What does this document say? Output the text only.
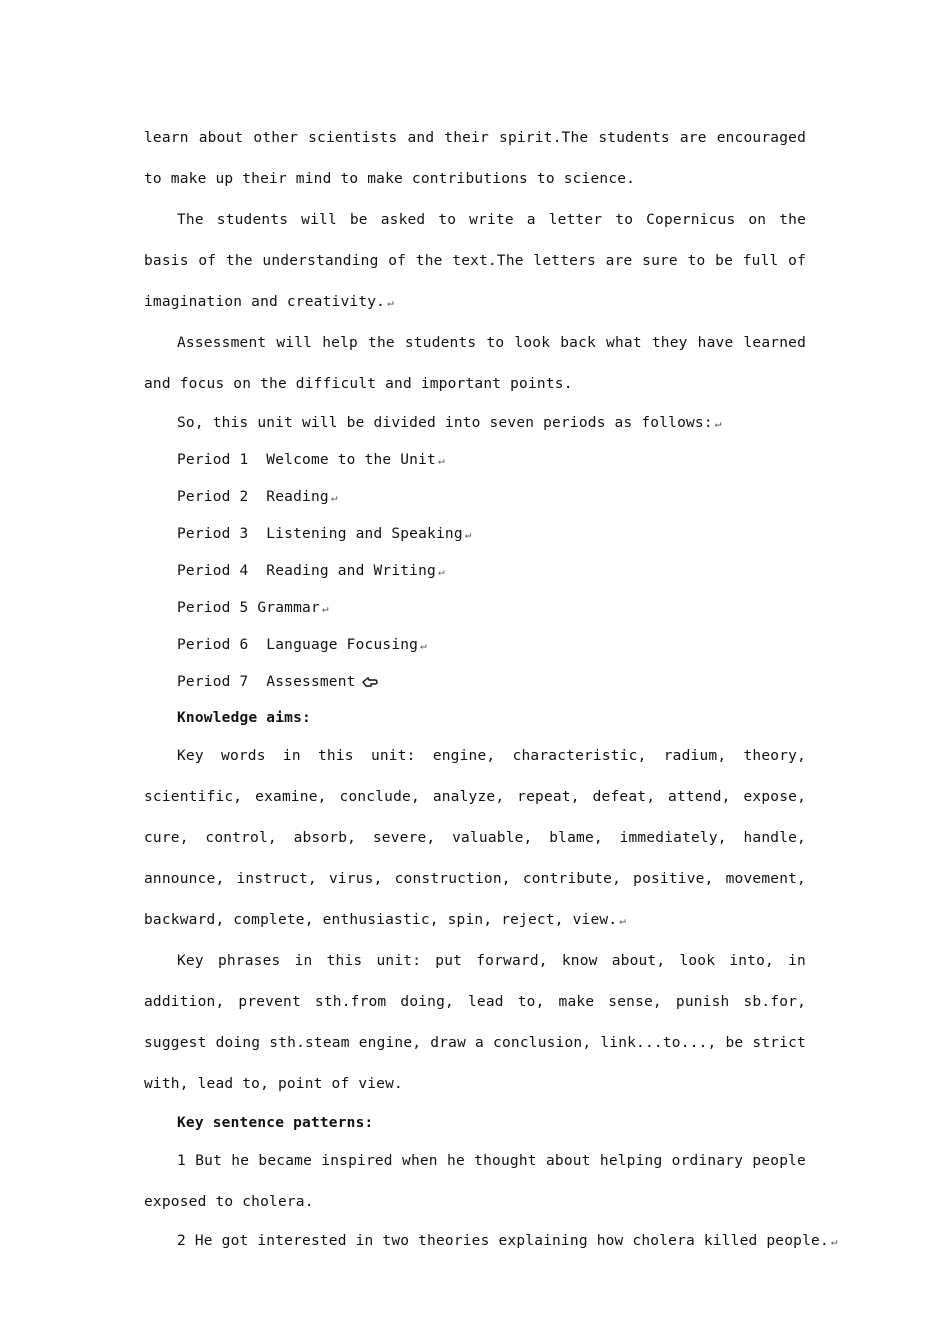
learn about other scientists and their spirit.The students are encouraged to make up their mind to make contributions to science.

The students will be asked to write a letter to Copernicus on the basis of the understanding of the text.The letters are sure to be full of imagination and creativity. ↵

Assessment will help the students to look back what they have learned and focus on the difficult and important points.

So, this unit will be divided into seven periods as follows: ↵

Period 1  Welcome to the Unit ↵

Period 2  Reading ↵

Period 3  Listening and Speaking ↵

Period 4  Reading and Writing ↵

Period 5 Grammar ↵

Period 6  Language Focusing ↵

Period 7  Assessment

Knowledge aims:

Key words in this unit: engine, characteristic, radium, theory, scientific, examine, conclude, analyze, repeat, defeat, attend, expose, cure, control, absorb, severe, valuable, blame, immediately, handle, announce, instruct, virus, construction, contribute, positive, movement, backward, complete, enthusiastic, spin, reject, view. ↵

Key phrases in this unit: put forward, know about, look into, in addition, prevent sth.from doing, lead to, make sense, punish sb.for, suggest doing sth.steam engine, draw a conclusion, link...to..., be strict with, lead to, point of view.

Key sentence patterns:

1 But he became inspired when he thought about helping ordinary people exposed to cholera.

2 He got interested in two theories explaining how cholera killed people. ↵
